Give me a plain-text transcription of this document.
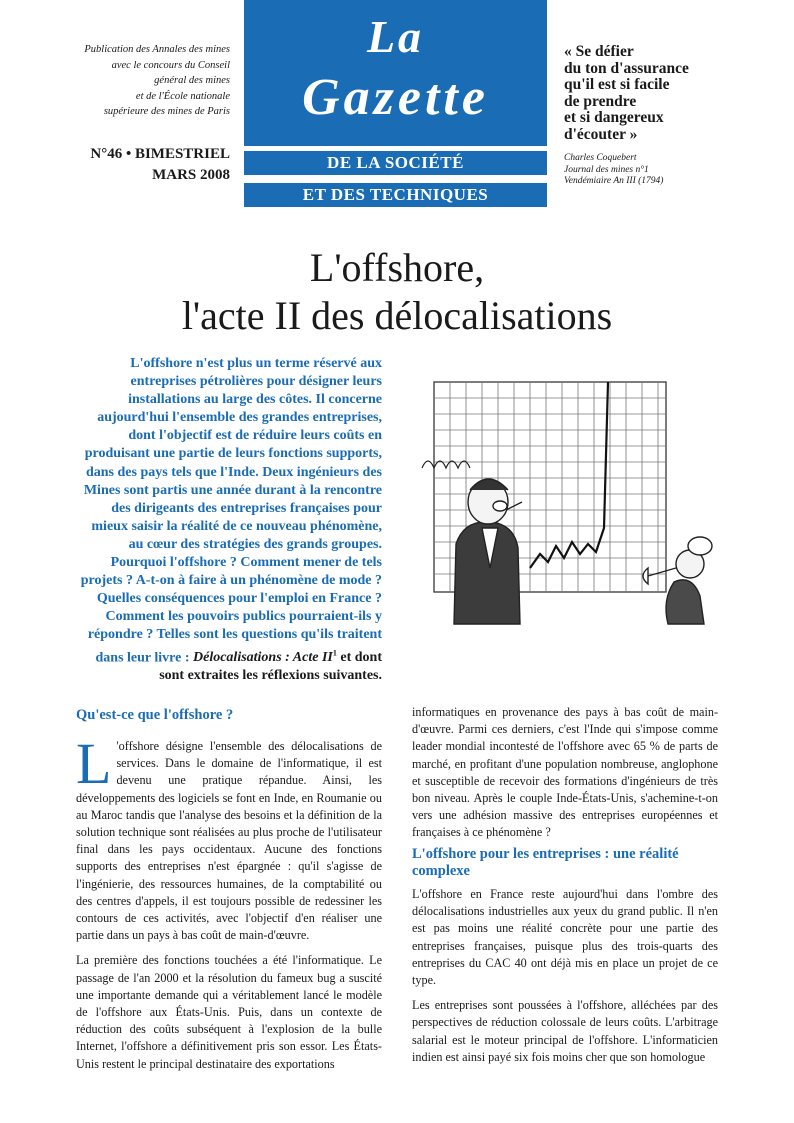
Publication des Annales des mines
avec le concours du Conseil
général des mines
et de l'École nationale
supérieure des mines de Paris
N°46 • BIMESTRIEL
MARS 2008
La
Gazette
DE LA SOCIÉTÉ
ET DES TECHNIQUES
« Se défier
du ton d'assurance
qu'il est si facile
de prendre
et si dangereux
d'écouter »
Charles Coquebert
Journal des mines n°1
Vendémiaire An III (1794)
L'offshore,
l'acte II des délocalisations
L'offshore n'est plus un terme réservé aux entreprises pétrolières pour désigner leurs installations au large des côtes. Il concerne aujourd'hui l'ensemble des grandes entreprises, dont l'objectif est de réduire leurs coûts en produisant une partie de leurs fonctions supports, dans des pays tels que l'Inde. Deux ingénieurs des Mines sont partis une année durant à la rencontre des dirigeants des entreprises françaises pour mieux saisir la réalité de ce nouveau phénomène, au cœur des stratégies des grands groupes. Pourquoi l'offshore ? Comment mener de tels projets ? A-t-on à faire à un phénomène de mode ? Quelles conséquences pour l'emploi en France ? Comment les pouvoirs publics pourraient-ils y répondre ? Telles sont les questions qu'ils traitent dans leur livre : Délocalisations : Acte $II^1$ et dont sont extraites les réflexions suivantes.
Qu'est-ce que l'offshore ?

L 'offshore désigne l'ensemble des délocalisations de services. Dans le domaine de l'informatique, il est devenu une pratique répandue. Ainsi, les développements des logiciels se font en Inde, en Roumanie ou au Maroc tandis que l'analyse des besoins et la définition de la solution technique sont réalisées au plus proche de l'utilisateur final dans les pays occidentaux. Aucune des fonctions supports des entreprises n'est épargnée : qu'il s'agisse de l'ingénierie, des ressources humaines, de la comptabilité ou des centres d'appels, il est toujours possible de redessiner les contours de ces activités, avec l'objectif d'en réaliser une partie dans un pays à bas coût de main-d'œuvre.

La première des fonctions touchées a été l'informatique. Le passage de l'an 2000 et la résolution du fameux bug a suscité une importante demande qui a véritablement lancé le modèle de l'offshore aux États-Unis. Puis, dans un contexte de réduction des coûts subséquent à l'explosion de la bulle Internet, l'offshore a définitivement pris son essor. Les États-Unis restent le principal destinataire des exportations

informatiques en provenance des pays à bas coût de main-d'œuvre. Parmi ces derniers, c'est l'Inde qui s'impose comme leader mondial incontesté de l'offshore avec 65 % de parts de marché, en profitant d'une population nombreuse, anglophone et susceptible de recevoir des formations d'ingénieurs de très bon niveau. Après le couple Inde-États-Unis, s'achemine-t-on vers une adhésion massive des entreprises européennes et françaises à ce phénomène ?

L'offshore pour les entreprises : une réalité complexe

L'offshore en France reste aujourd'hui dans l'ombre des délocalisations industrielles aux yeux du grand public. Il n'en est pas moins une réalité concrète pour une partie des entreprises françaises, puisque plus des trois-quarts des entreprises du CAC 40 ont déjà mis en place un projet de ce type.

Les entreprises sont poussées à l'offshore, alléchées par des perspectives de réduction colossale de leurs coûts. L'arbitrage salarial est le moteur principal de l'offshore. L'informaticien indien est ainsi payé six fois moins cher que son homologue
